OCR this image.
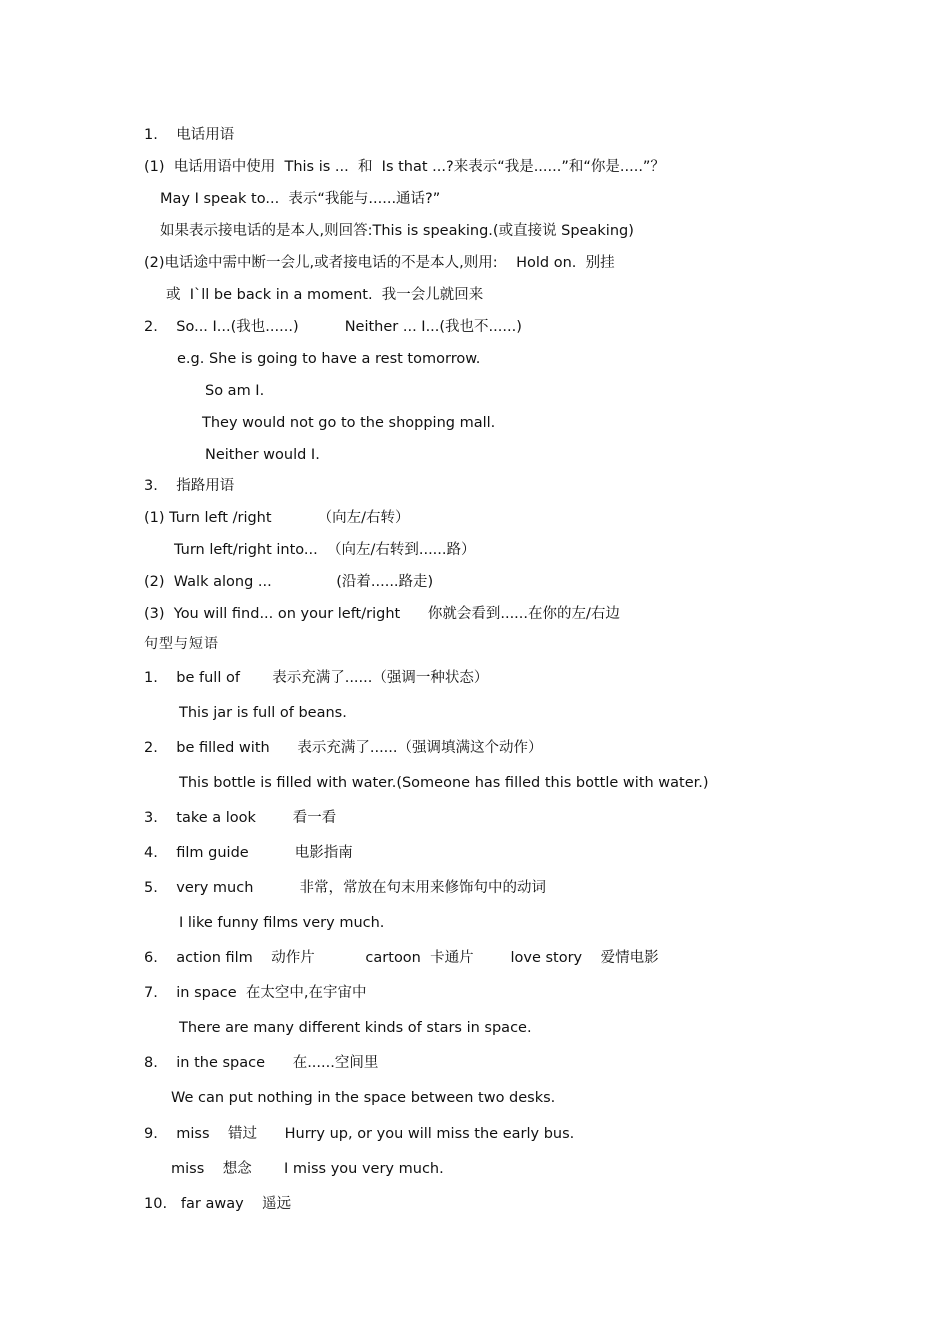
1.    电话用语
(1)  电话用语中使用  This is ...  和  Is that ...?来表示“我是......”和“你是.....”？
May I speak to...  表示“我能与......通话?”
如果表示接电话的是本人,则回答:This is speaking.(或直接说 Speaking)
(2)电话途中需中断一会儿,或者接电话的不是本人,则用:    Hold on.  别挂
或  I`ll be back in a moment.  我一会儿就回来
2.    So... I...(我也......)          Neither ... I...(我也不......)
e.g. She is going to have a rest tomorrow.
So am I.
They would not go to the shopping mall.
Neither would I.
3.    指路用语
(1) Turn left /right          （向左/右转）
Turn left/right into...  （向左/右转到......路）
(2)  Walk along ...              (沿着......路走)
(3)  You will find... on your left/right      你就会看到......在你的左/右边
句型与短语
1.    be full of       表示充满了......（强调一种状态）
This jar is full of beans.
2.    be filled with      表示充满了......（强调填满这个动作）
This bottle is filled with water.(Someone has filled this bottle with water.)
3.    take a look        看一看
4.    film guide          电影指南
5.    very much          非常，常放在句末用来修饰句中的动词
I like funny films very much.
6.    action film    动作片           cartoon  卡通片        love story    爱情电影
7.    in space  在太空中,在宇宙中
There are many different kinds of stars in space.
8.    in the space      在......空间里
We can put nothing in the space between two desks.
9.    miss    错过      Hurry up, or you will miss the early bus.
miss    想念       I miss you very much.
10.   far away    遥远
